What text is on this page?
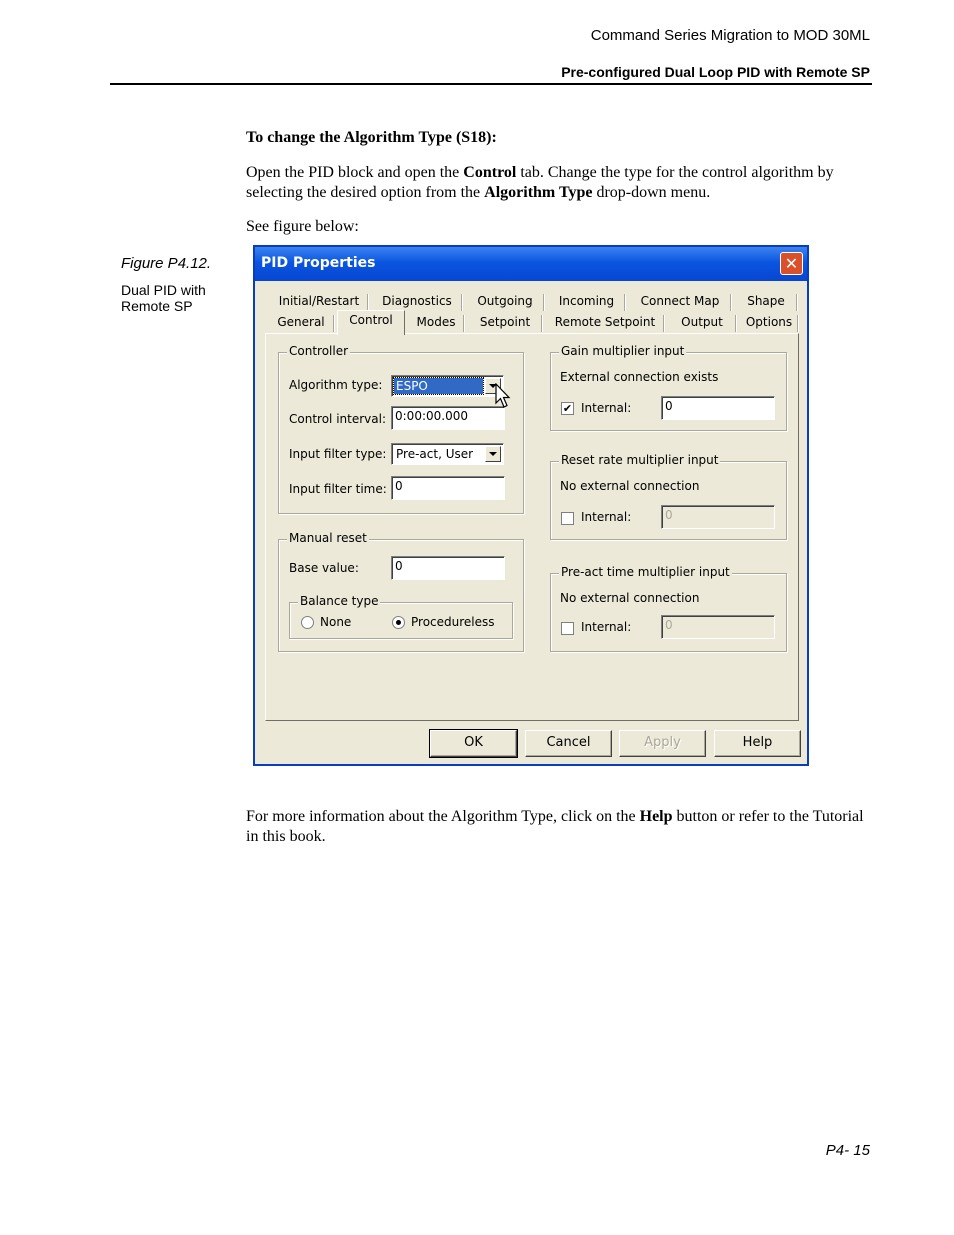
Command Series Migration to MOD 30ML
Pre-configured Dual Loop PID with Remote SP
To change the Algorithm Type (S18):
Open the PID block and open the Control tab. Change the type for the control algorithm by selecting the desired option from the Algorithm Type drop-down menu.
See figure below:
Figure P4.12.
Dual PID with Remote SP
PID Properties	✕
Initial/Restart	Diagnostics	Outgoing	Incoming	Connect Map	Shape
General	Control	Modes	Setpoint	Remote Setpoint	Output	Options
Controller
Algorithm type: ESPO
Control interval: 0:00:00.000
Input filter type: Pre-act, User
Input filter time: 0
Manual reset
Base value:	0
Balance type
None	Procedureless
Gain multiplier input
External connection exists
✔ Internal:	0
Reset rate multiplier input
No external connection
Internal:	0
Pre-act time multiplier input
No external connection
Internal:	0
OK	Cancel	Apply	Help
For more information about the Algorithm Type, click on the Help button or refer to the Tutorial in this book.
P4- 15
